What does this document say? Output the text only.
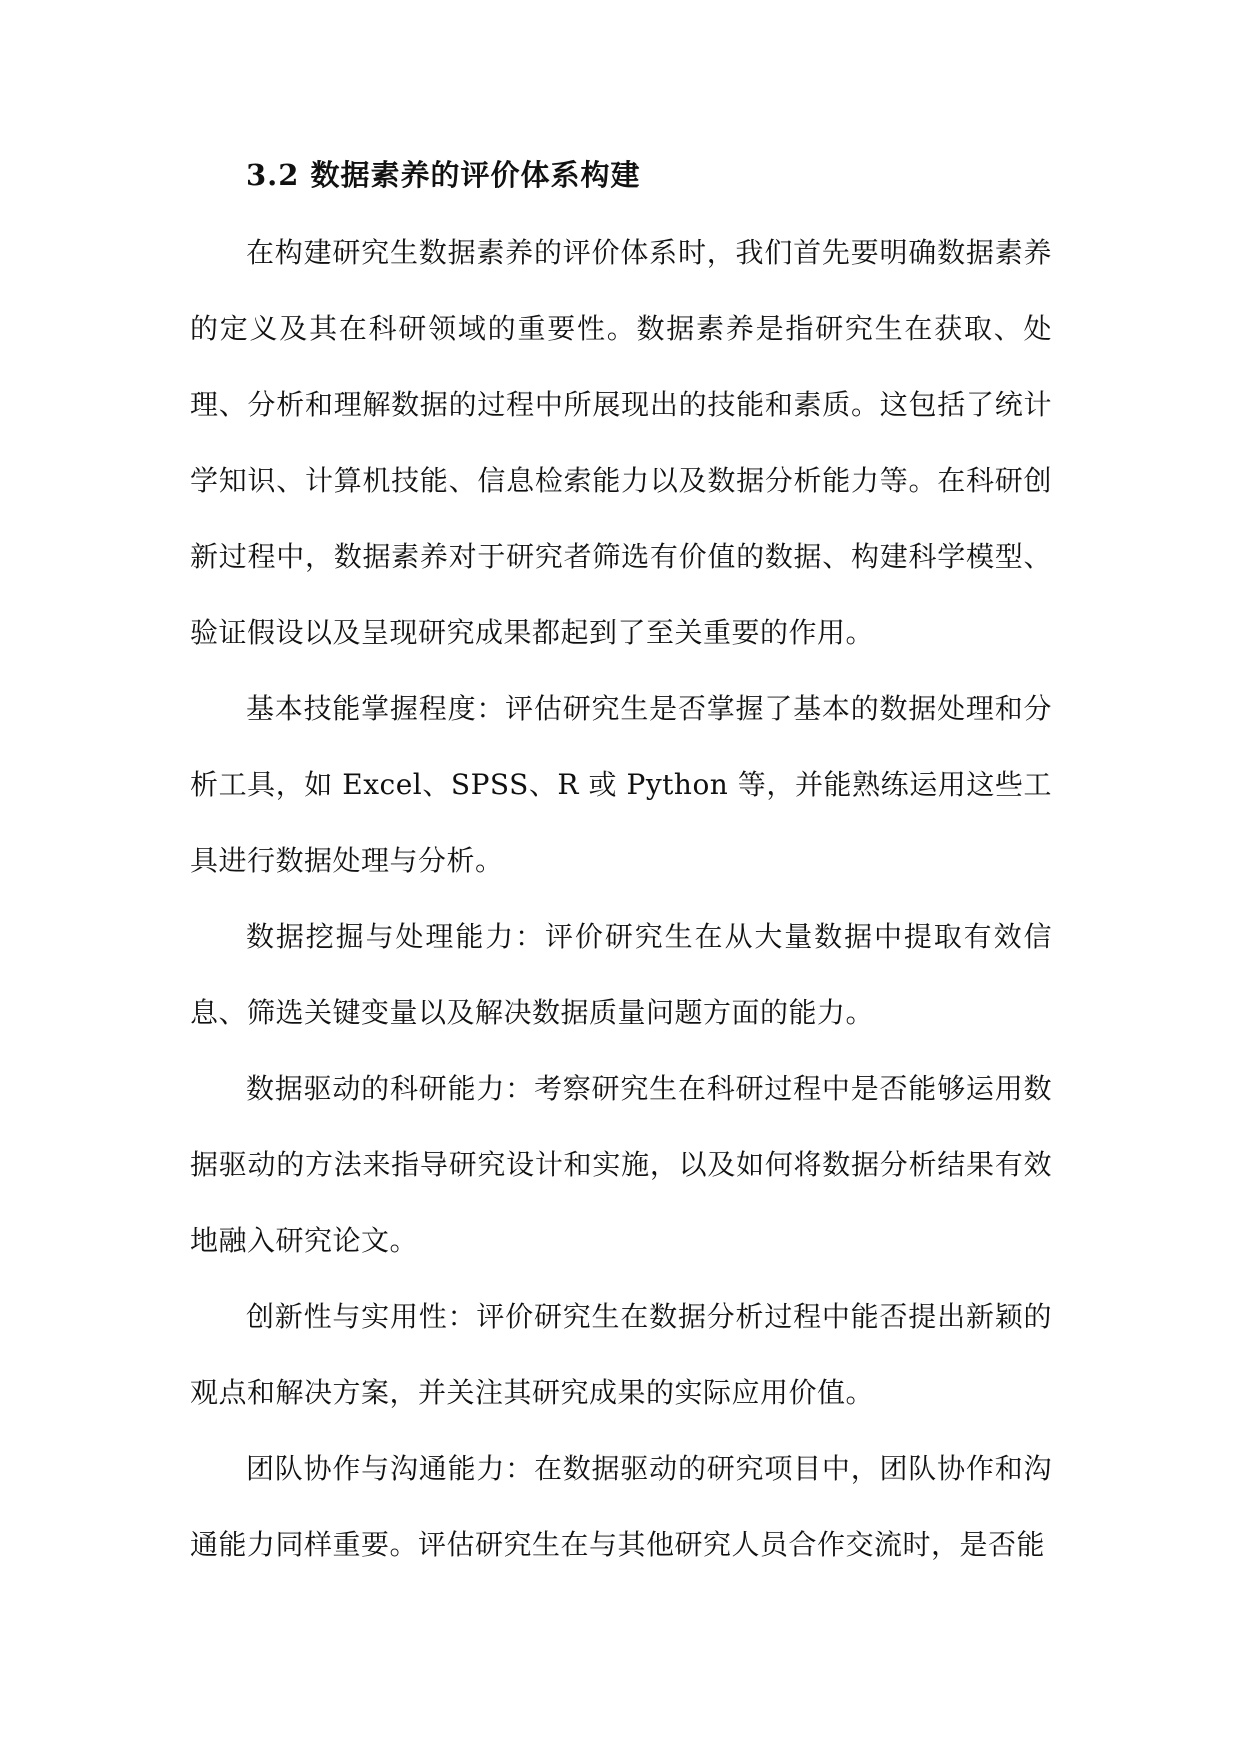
3.2 数据素养的评价体系构建

在构建研究生数据素养的评价体系时，我们首先要明确数据素养的定义及其在科研领域的重要性。数据素养是指研究生在获取、处理、分析和理解数据的过程中所展现出的技能和素质。这包括了统计学知识、计算机技能、信息检索能力以及数据分析能力等。在科研创新过程中，数据素养对于研究者筛选有价值的数据、构建科学模型、验证假设以及呈现研究成果都起到了至关重要的作用。

基本技能掌握程度：评估研究生是否掌握了基本的数据处理和分析工具，如 Excel、SPSS、R 或 Python 等，并能熟练运用这些工具进行数据处理与分析。

数据挖掘与处理能力：评价研究生在从大量数据中提取有效信息、筛选关键变量以及解决数据质量问题方面的能力。

数据驱动的科研能力：考察研究生在科研过程中是否能够运用数据驱动的方法来指导研究设计和实施，以及如何将数据分析结果有效地融入研究论文。

创新性与实用性：评价研究生在数据分析过程中能否提出新颖的观点和解决方案，并关注其研究成果的实际应用价值。

团队协作与沟通能力：在数据驱动的研究项目中，团队协作和沟通能力同样重要。评估研究生在与其他研究人员合作交流时，是否能
